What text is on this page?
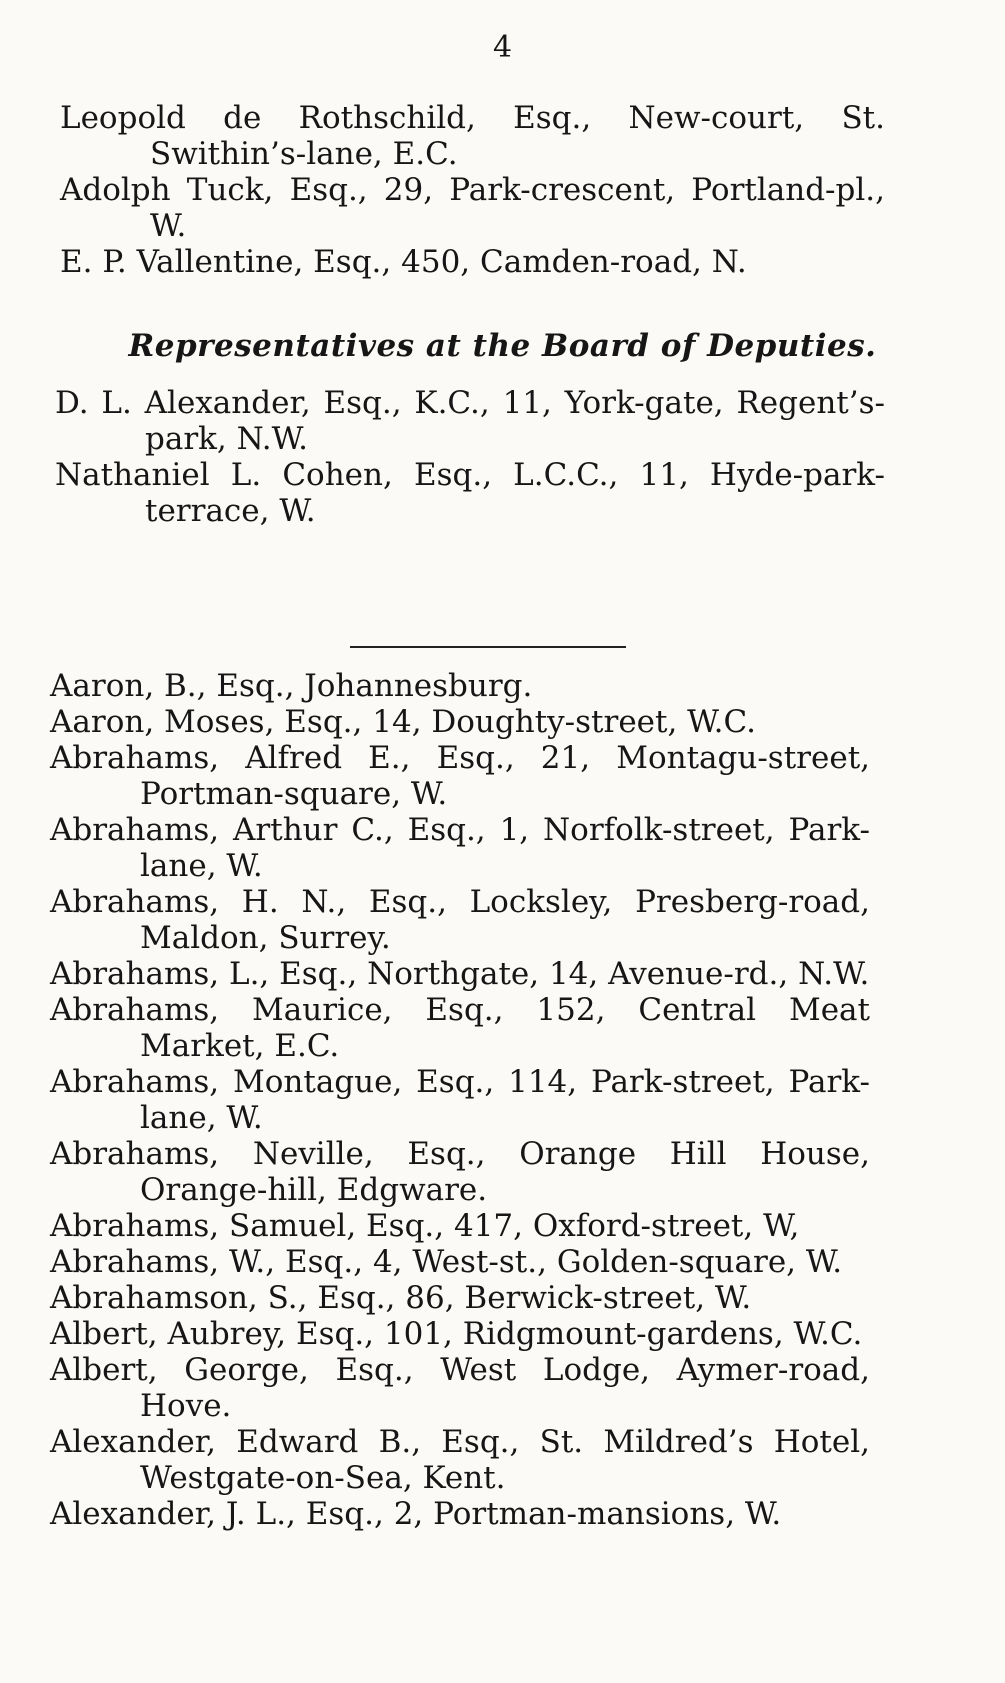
4
Leopold de Rothschild, Esq., New-court, St. Swithin’s-lane, E.C.
Adolph Tuck, Esq., 29, Park-crescent, Portland-pl., W.
E. P. Vallentine, Esq., 450, Camden-road, N.
Representatives at the Board of Deputies.
D. L. Alexander, Esq., K.C., 11, York-gate, Regent’s-park, N.W.
Nathaniel L. Cohen, Esq., L.C.C., 11, Hyde-park-terrace, W.
Aaron, B., Esq., Johannesburg.
Aaron, Moses, Esq., 14, Doughty-street, W.C.
Abrahams, Alfred E., Esq., 21, Montagu-street, Portman-square, W.
Abrahams, Arthur C., Esq., 1, Norfolk-street, Park-lane, W.
Abrahams, H. N., Esq., Locksley, Presberg-road, Maldon, Surrey.
Abrahams, L., Esq., Northgate, 14, Avenue-rd., N.W.
Abrahams, Maurice, Esq., 152, Central Meat Market, E.C.
Abrahams, Montague, Esq., 114, Park-street, Park-lane, W.
Abrahams, Neville, Esq., Orange Hill House, Orange-hill, Edgware.
Abrahams, Samuel, Esq., 417, Oxford-street, W,
Abrahams, W., Esq., 4, West-st., Golden-square, W.
Abrahamson, S., Esq., 86, Berwick-street, W.
Albert, Aubrey, Esq., 101, Ridgmount-gardens, W.C.
Albert, George, Esq., West Lodge, Aymer-road, Hove.
Alexander, Edward B., Esq., St. Mildred’s Hotel, Westgate-on-Sea, Kent.
Alexander, J. L., Esq., 2, Portman-mansions, W.
